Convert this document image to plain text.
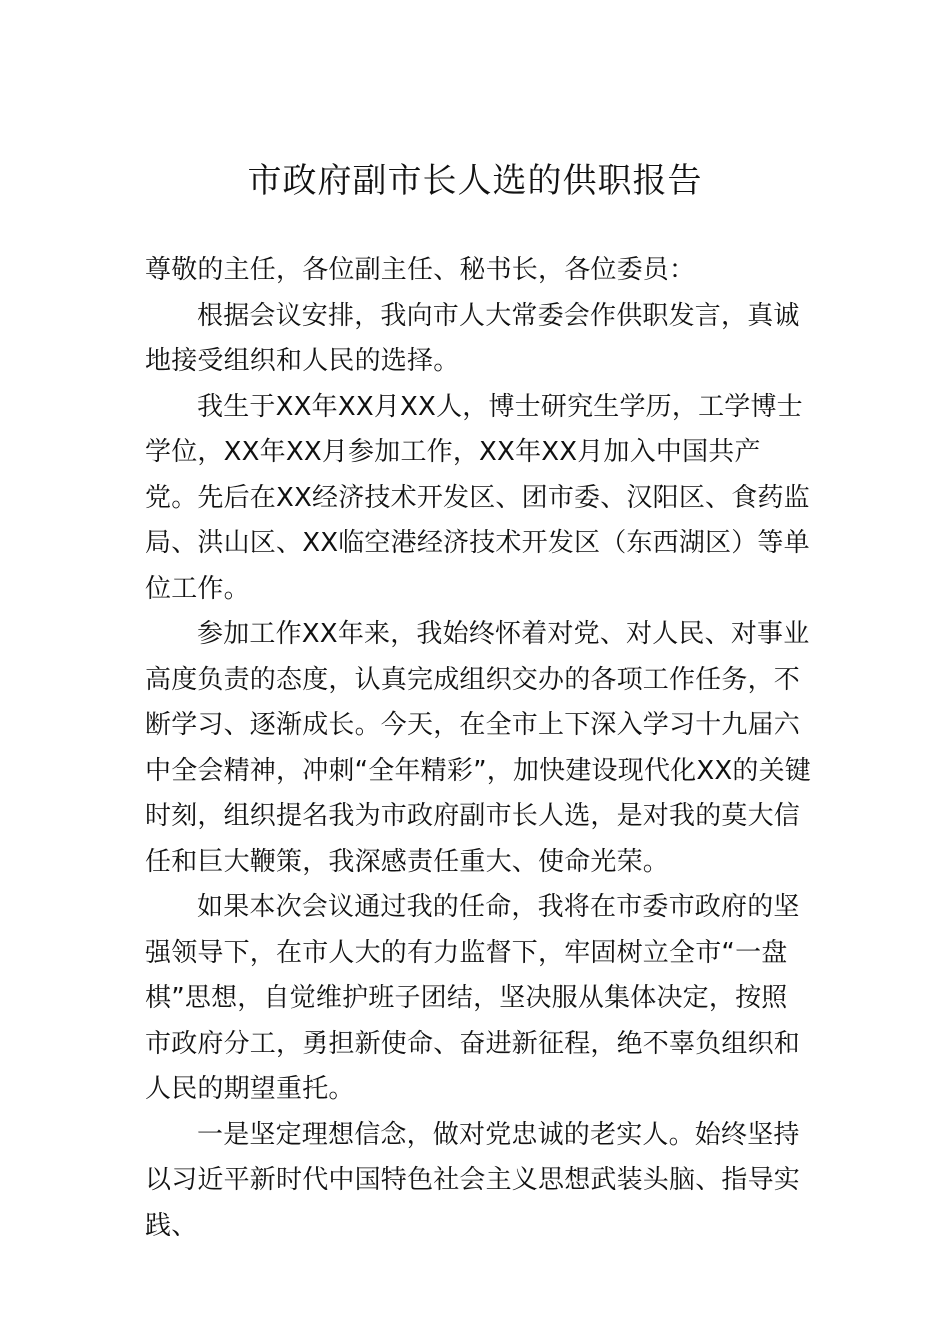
市政府副市长人选的供职报告

尊敬的主任，各位副主任、秘书长，各位委员：

根据会议安排，我向市人大常委会作供职发言，真诚地接受组织和人民的选择。

我生于XX年XX月XX人，博士研究生学历，工学博士学位，XX年XX月参加工作，XX年XX月加入中国共产党。先后在XX经济技术开发区、团市委、汉阳区、食药监局、洪山区、XX临空港经济技术开发区（东西湖区）等单位工作。

参加工作XX年来，我始终怀着对党、对人民、对事业高度负责的态度，认真完成组织交办的各项工作任务，不断学习、逐渐成长。今天，在全市上下深入学习十九届六中全会精神，冲刺“全年精彩”，加快建设现代化XX的关键时刻，组织提名我为市政府副市长人选，是对我的莫大信任和巨大鞭策，我深感责任重大、使命光荣。

如果本次会议通过我的任命，我将在市委市政府的坚强领导下，在市人大的有力监督下，牢固树立全市“一盘棋”思想，自觉维护班子团结，坚决服从集体决定，按照市政府分工，勇担新使命、奋进新征程，绝不辜负组织和人民的期望重托。

一是坚定理想信念，做对党忠诚的老实人。始终坚持以习近平新时代中国特色社会主义思想武装头脑、指导实践、
